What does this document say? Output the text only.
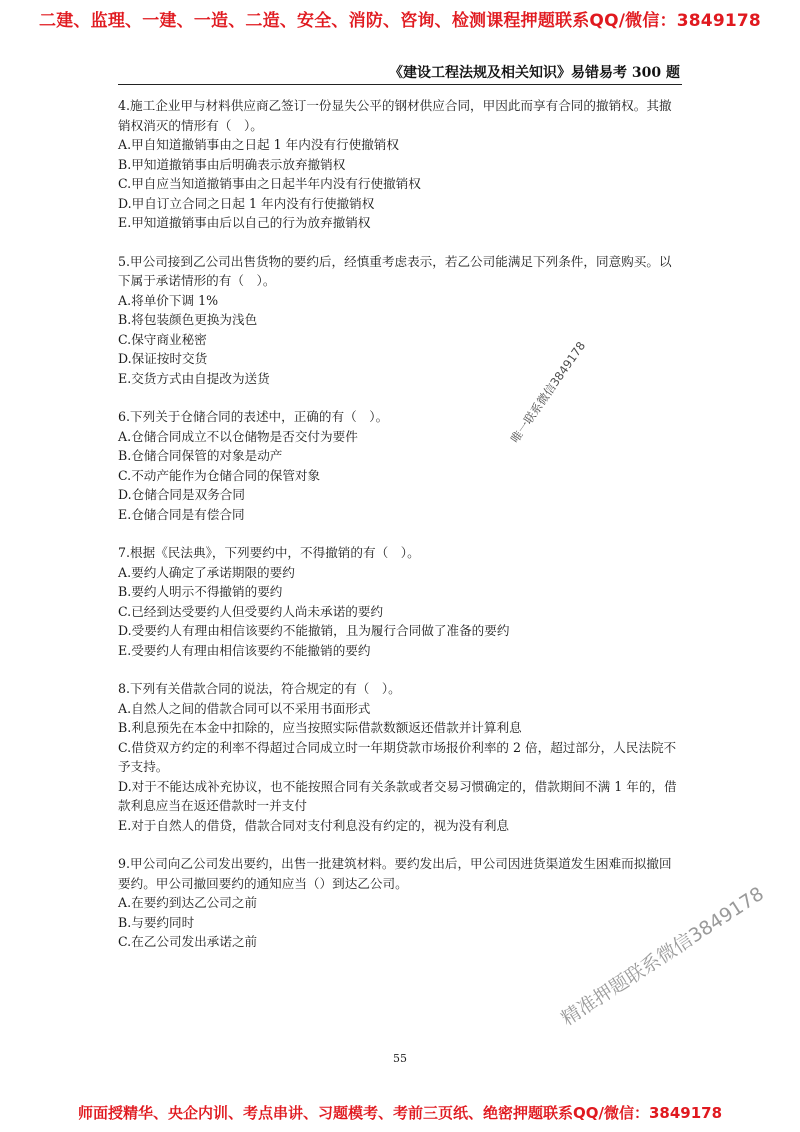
二建、监理、一建、一造、二造、安全、消防、咨询、检测课程押题联系QQ/微信：3849178
《建设工程法规及相关知识》易错易考 300 题

4.施工企业甲与材料供应商乙签订一份显失公平的钢材供应合同，甲因此而享有合同的撤销权。其撤销权消灭的情形有（　）。

A.甲自知道撤销事由之日起 1 年内没有行使撤销权

B.甲知道撤销事由后明确表示放弃撤销权

C.甲自应当知道撤销事由之日起半年内没有行使撤销权

D.甲自订立合同之日起 1 年内没有行使撤销权

E.甲知道撤销事由后以自己的行为放弃撤销权

5.甲公司接到乙公司出售货物的要约后，经慎重考虑表示，若乙公司能满足下列条件，同意购买。以下属于承诺情形的有（　）。

A.将单价下调 1%

B.将包装颜色更换为浅色

C.保守商业秘密

D.保证按时交货

E.交货方式由自提改为送货

6.下列关于仓储合同的表述中，正确的有（　）。

A.仓储合同成立不以仓储物是否交付为要件

B.仓储合同保管的对象是动产

C.不动产能作为仓储合同的保管对象

D.仓储合同是双务合同

E.仓储合同是有偿合同

7.根据《民法典》，下列要约中，不得撤销的有（　）。

A.要约人确定了承诺期限的要约

B.要约人明示不得撤销的要约

C.已经到达受要约人但受要约人尚未承诺的要约

D.受要约人有理由相信该要约不能撤销，且为履行合同做了准备的要约

E.受要约人有理由相信该要约不能撤销的要约

8.下列有关借款合同的说法，符合规定的有（　）。

A.自然人之间的借款合同可以不采用书面形式

B.利息预先在本金中扣除的，应当按照实际借款数额返还借款并计算利息

C.借贷双方约定的利率不得超过合同成立时一年期贷款市场报价利率的 2 倍，超过部分，人民法院不予支持。

D.对于不能达成补充协议，也不能按照合同有关条款或者交易习惯确定的，借款期间不满 1 年的，借款利息应当在返还借款时一并支付

E.对于自然人的借贷，借款合同对支付利息没有约定的，视为没有利息

9.甲公司向乙公司发出要约，出售一批建筑材料。要约发出后，甲公司因进货渠道发生困难而拟撤回要约。甲公司撤回要约的通知应当（）到达乙公司。

A.在要约到达乙公司之前

B.与要约同时

C.在乙公司发出承诺之前

唯一联系微信3849178
精准押题联系微信3849178
55
师面授精华、央企内训、考点串讲、习题模考、考前三页纸、绝密押题联系QQ/微信：3849178
